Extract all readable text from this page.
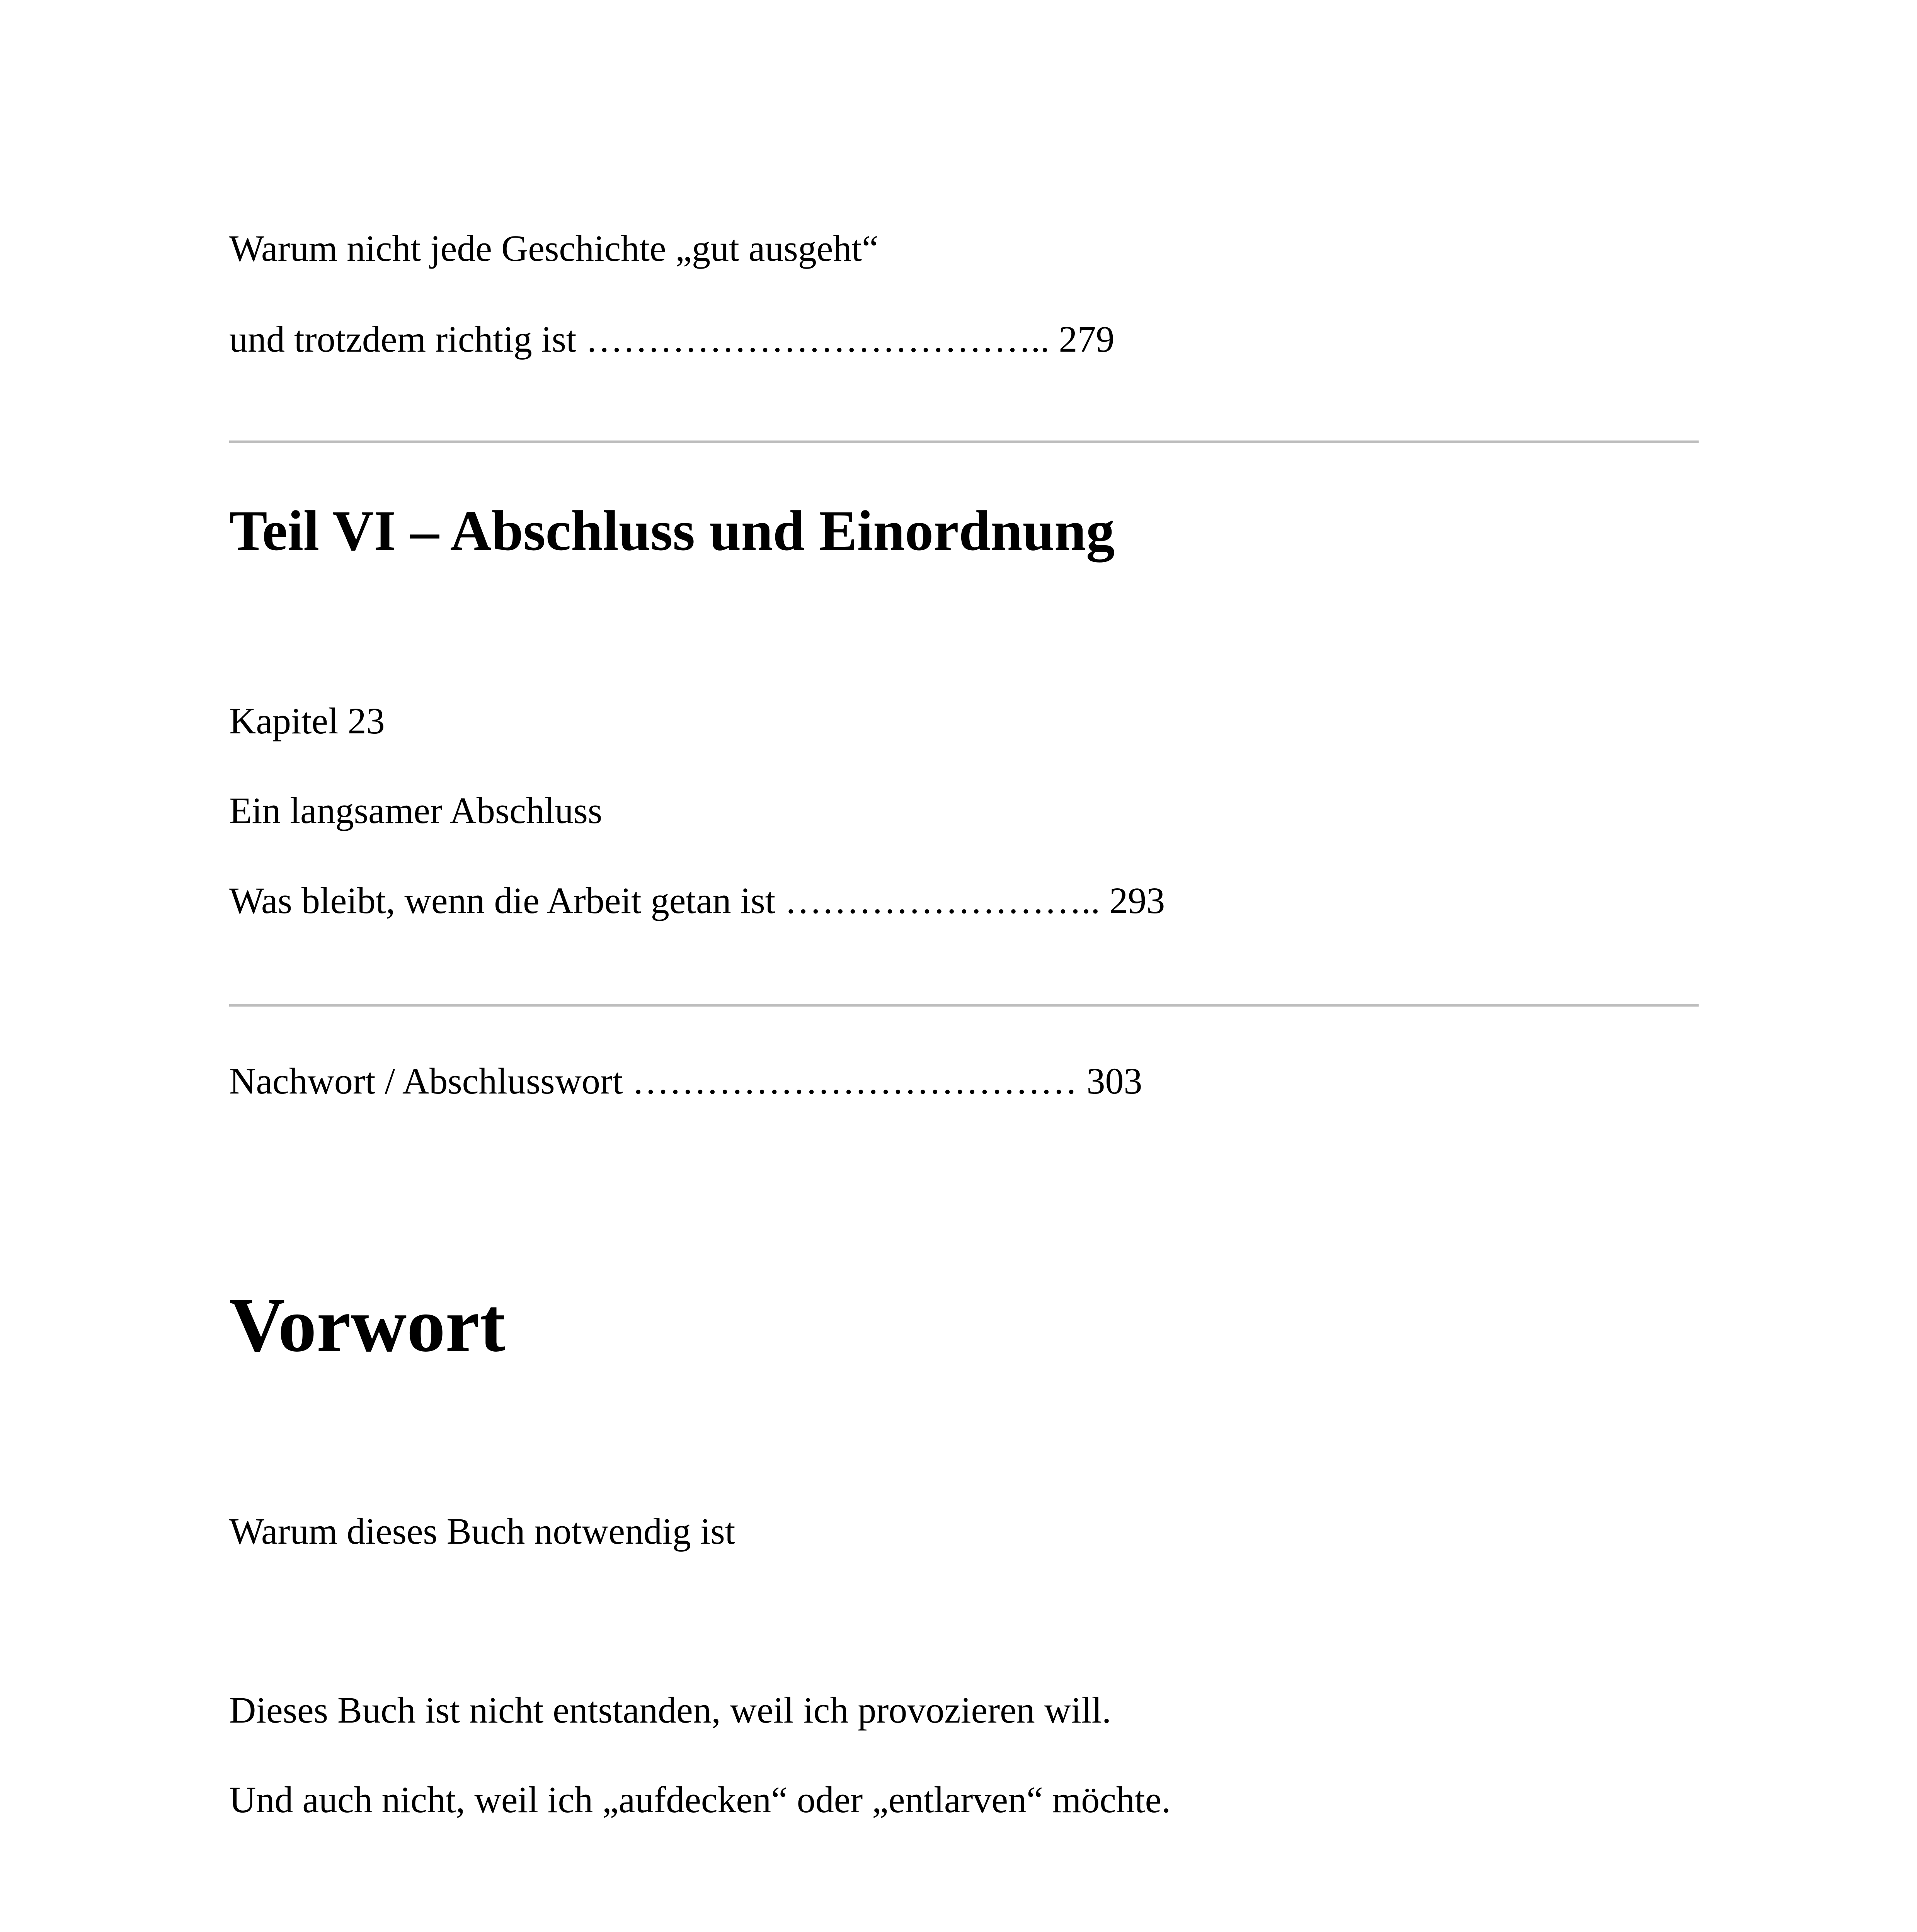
Warum nicht jede Geschichte „gut ausgeht“

und trotzdem richtig ist ……………………………….. 279

Teil VI – Abschluss und Einordnung

Kapitel 23

Ein langsamer Abschluss

Was bleibt, wenn die Arbeit getan ist …………………….. 293

Nachwort / Abschlusswort ……………………………… 303

Vorwort

Warum dieses Buch notwendig ist

Dieses Buch ist nicht entstanden, weil ich provozieren will.

Und auch nicht, weil ich „aufdecken“ oder „entlarven“ möchte.
